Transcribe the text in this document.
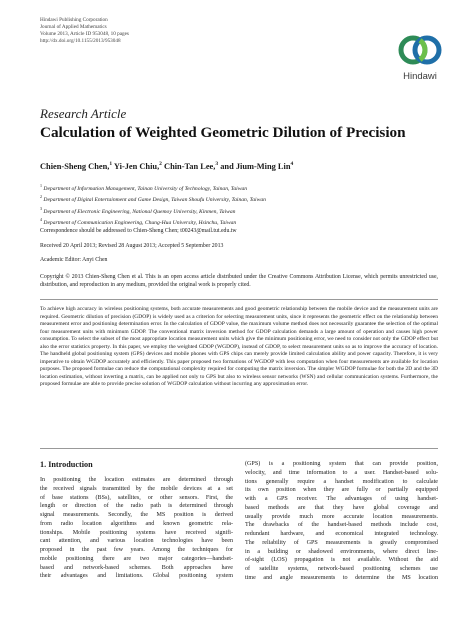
Hindawi Publishing Corporation
Journal of Applied Mathematics
Volume 2013, Article ID 953048, 10 pages
http://dx.doi.org/10.1155/2013/953048
Hindawi
Research Article
Calculation of Weighted Geometric Dilution of Precision
Chien-Sheng Chen,$^1$ Yi-Jen Chiu,$^2$ Chin-Tan Lee,$^3$ and Jium-Ming Lin$^4$
$^1$ Department of Information Management, Tainan University of Technology, Tainan, Taiwan
$^2$ Department of Digital Entertainment and Game Design, Taiwan Shoufu University, Tainan, Taiwan
$^3$ Department of Electronic Engineering, National Quemoy University, Kinmen, Taiwan
$^4$ Department of Communication Engineering, Chung-Hua University, Hsinchu, Taiwan
Correspondence should be addressed to Chien-Sheng Chen; t00243@mail.tut.edu.tw
Received 20 April 2013; Revised 28 August 2013; Accepted 5 September 2013
Academic Editor: Anyi Chen
Copyright © 2013 Chien-Sheng Chen et al. This is an open access article distributed under the Creative Commons Attribution License, which permits unrestricted use, distribution, and reproduction in any medium, provided the original work is properly cited.
To achieve high accuracy in wireless positioning systems, both accurate measurements and good geometric relationship between the mobile device and the measurement units are required. Geometric dilution of precision (GDOP) is widely used as a criterion for selecting measurement units, since it represents the geometric effect on the relationship between measurement error and positioning determination error. In the calculation of GDOP value, the maximum volume method does not necessarily guarantee the selection of the optimal four measurement units with minimum GDOP. The conventional matrix inversion method for GDOP calculation demands a large amount of operation and causes high power consumption. To select the subset of the most appropriate location measurement units which give the minimum positioning error, we need to consider not only the GDOP effect but also the error statistics property. In this paper, we employ the weighted GDOP (WGDOP), instead of GDOP, to select measurement units so as to improve the accuracy of location. The handheld global positioning system (GPS) devices and mobile phones with GPS chips can merely provide limited calculation ability and power capacity. Therefore, it is very imperative to obtain WGDOP accurately and efficiently. This paper proposed two formations of WGDOP with less computation when four measurements are available for location purposes. The proposed formulae can reduce the computational complexity required for computing the matrix inversion. The simpler WGDOP formulae for both the 2D and the 3D location estimation, without inverting a matrix, can be applied not only to GPS but also to wireless sensor networks (WSN) and cellular communication systems. Furthermore, the proposed formulae are able to provide precise solution of WGDOP calculation without incurring any approximation error.
1. Introduction
In positioning the location estimates are determined through
the received signals transmitted by the mobile devices at a set
of base stations (BSs), satellites, or other sensors. First, the
length or direction of the radio path is determined through
signal measurements. Secondly, the MS position is derived
from radio location algorithms and known geometric rela-
tionships. Mobile positioning systems have received signifi-
cant attention, and various location technologies have been
proposed in the past few years. Among the techniques for
mobile positioning there are two major categories—handset-
based and network-based schemes. Both approaches have
their advantages and limitations. Global positioning system
(GPS) is a positioning system that can provide position,
velocity, and time information to a user. Handset-based solu-
tions generally require a handset modification to calculate
its own position when they are fully or partially equipped
with a GPS receiver. The advantages of using handset-
based methods are that they have global coverage and
usually provide much more accurate location measurements.
The drawbacks of the handset-based methods include cost,
redundant hardware, and economical integrated technology.
The reliability of GPS measurements is greatly compromised
in a building or shadowed environments, where direct line-
of-sight (LOS) propagation is not available. Without the aid
of satellite systems, network-based positioning schemes use
time and angle measurements to determine the MS location
